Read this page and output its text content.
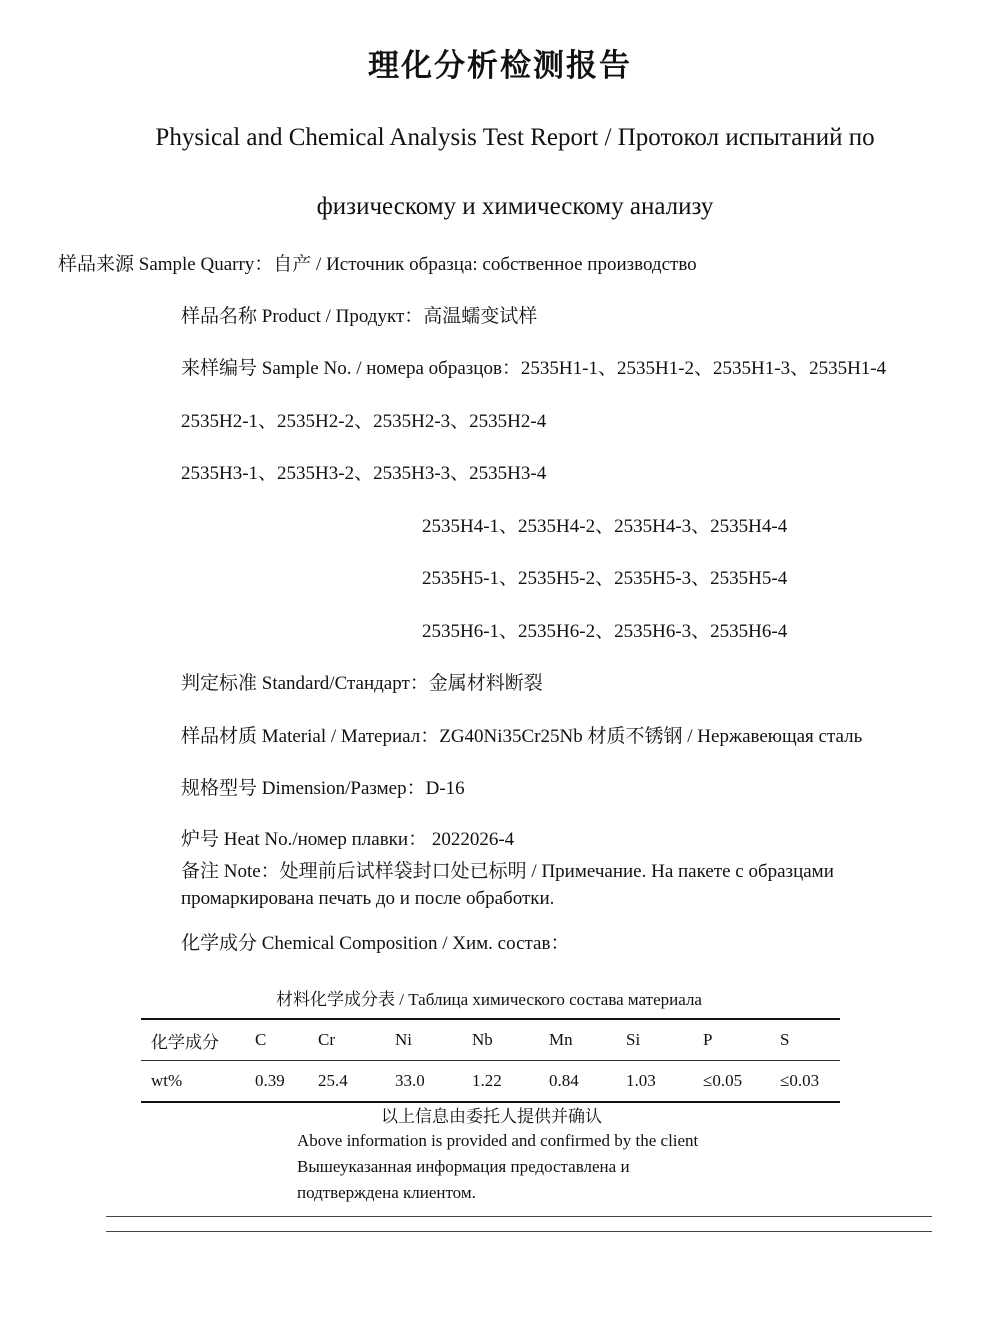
理化分析检测报告
Physical and Chemical Analysis Test Report / Протокол испытаний по
физическому и химическому анализу
样品来源 Sample Quarry：自产 / Источник образца: собственное производство
样品名称 Product / Продукт：高温蠕变试样
来样编号 Sample No. / номера образцов：2535H1-1、2535H1-2、2535H1-3、2535H1-4
2535H2-1、2535H2-2、2535H2-3、2535H2-4
2535H3-1、2535H3-2、2535H3-3、2535H3-4
2535H4-1、2535H4-2、2535H4-3、2535H4-4
2535H5-1、2535H5-2、2535H5-3、2535H5-4
2535H6-1、2535H6-2、2535H6-3、2535H6-4
判定标准 Standard/Стандарт：金属材料断裂
样品材质 Material / Материал：ZG40Ni35Cr25Nb 材质不锈钢 / Нержавеющая сталь
规格型号 Dimension/Размер：D-16
炉号 Heat No./номер плавки： 2022026-4
备注 Note：处理前后试样袋封口处已标明 / Примечание. На пакете с образцами
промаркирована печать до и после обработки.
化学成分 Chemical Composition / Хим. состав：
材料化学成分表 / Таблица химического состава материала
化学成分	C	Cr	Ni	Nb	Mn	Si	P	S
wt%	0.39	25.4	33.0	1.22	0.84	1.03	≤0.05	≤0.03
以上信息由委托人提供并确认
Above information is provided and confirmed by the client
Вышеуказанная информация предоставлена и
подтверждена клиентом.
